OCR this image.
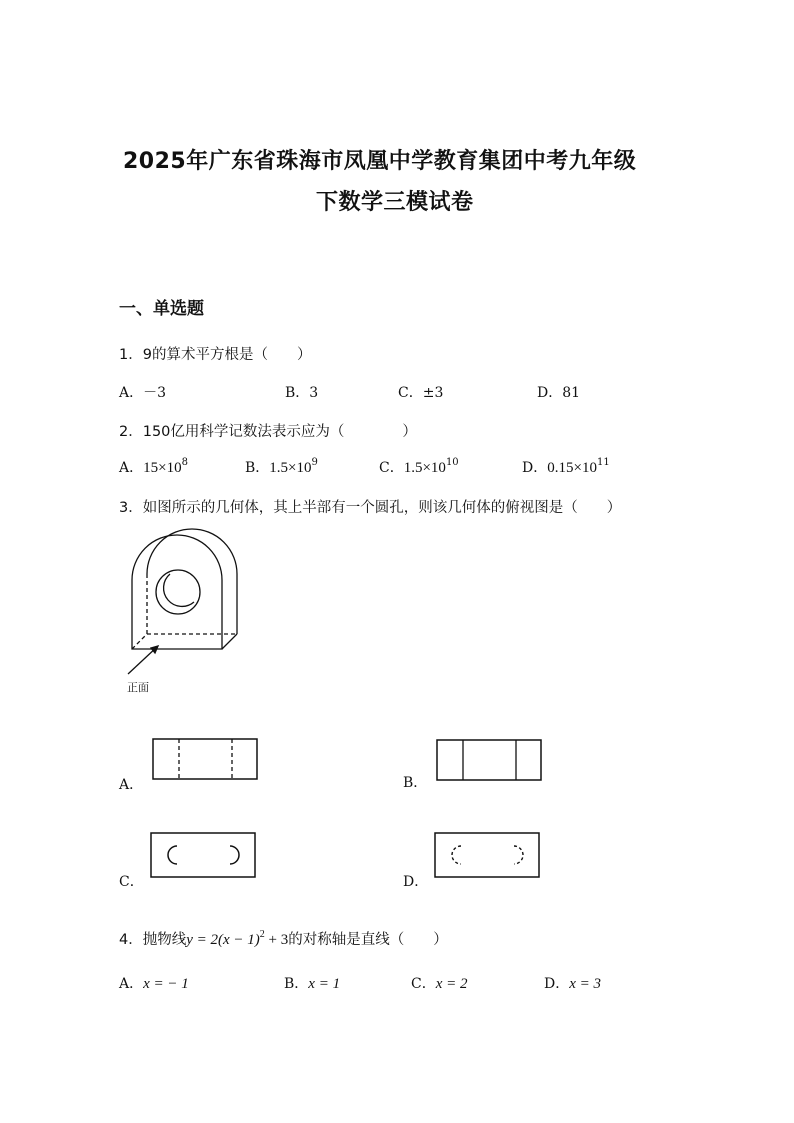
2025年广东省珠海市凤凰中学教育集团中考九年级
下数学三模试卷
一、单选题
1．9的算术平方根是（　　）
A．－3	B．3	C．±3	D．81
2．150亿用科学记数法表示应为（　　　　）
A．$15\times 10^8$	B．$1.5\times 10^9$	C．$1.5\times 10^{10}$	D．$0.15\times 10^{11}$
3．如图所示的几何体，其上半部有一个圆孔，则该几何体的俯视图是（　　）
正面
A．	B．
C．	D．
4．抛物线$y = 2(x - 1)^2 + 3$的对称轴是直线（　　）
A．x = − 1	B．x = 1	C．x = 2	D．x = 3
